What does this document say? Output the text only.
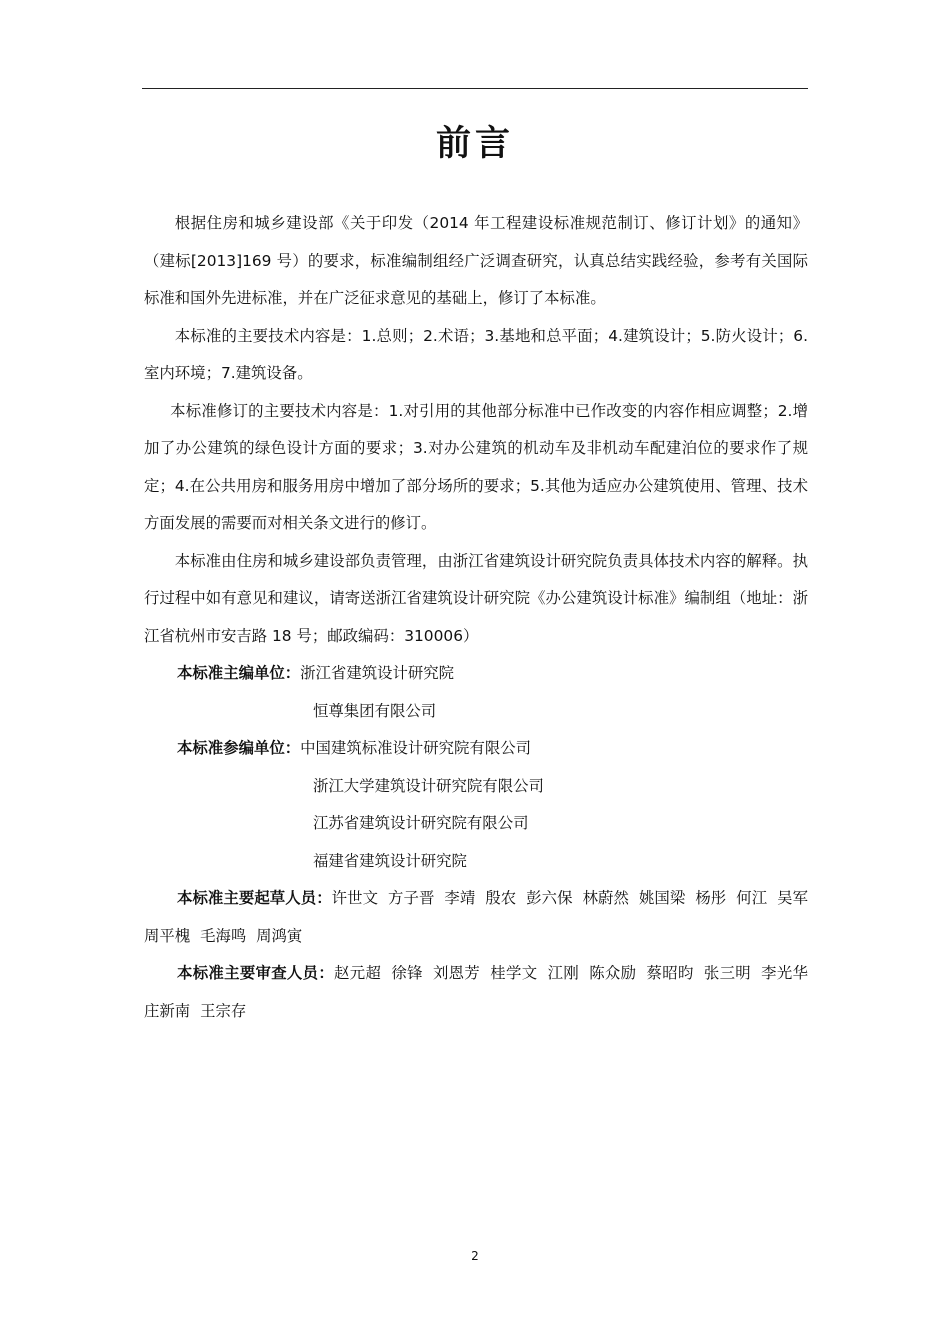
前言

根据住房和城乡建设部《关于印发（2014 年工程建设标准规范制订、修订计划》的通知》（建标[2013]169 号）的要求，标准编制组经广泛调查研究，认真总结实践经验，参考有关国际标准和国外先进标准，并在广泛征求意见的基础上，修订了本标准。

本标准的主要技术内容是：1.总则；2.术语；3.基地和总平面；4.建筑设计；5.防火设计；6.室内环境；7.建筑设备。

本标准修订的主要技术内容是：1.对引用的其他部分标准中已作改变的内容作相应调整；2.增加了办公建筑的绿色设计方面的要求；3.对办公建筑的机动车及非机动车配建泊位的要求作了规定；4.在公共用房和服务用房中增加了部分场所的要求；5.其他为适应办公建筑使用、管理、技术方面发展的需要而对相关条文进行的修订。

本标准由住房和城乡建设部负责管理，由浙江省建筑设计研究院负责具体技术内容的解释。执行过程中如有意见和建议，请寄送浙江省建筑设计研究院《办公建筑设计标准》编制组（地址：浙江省杭州市安吉路 18 号；邮政编码：310006）

本标准主编单位： 浙江省建筑设计研究院
恒尊集团有限公司
本标准参编单位： 中国建筑标准设计研究院有限公司
浙江大学建筑设计研究院有限公司
江苏省建筑设计研究院有限公司
福建省建筑设计研究院

本标准主要起草人员：许世文 方子晋 李靖 殷农 彭六保 林蔚然 姚国梁 杨彤 何江 吴军 周平槐 毛海鸣 周鸿寅

本标准主要审查人员：赵元超 徐锋 刘恩芳 桂学文 江刚 陈众励 蔡昭昀 张三明 李光华 庄新南 王宗存

2
